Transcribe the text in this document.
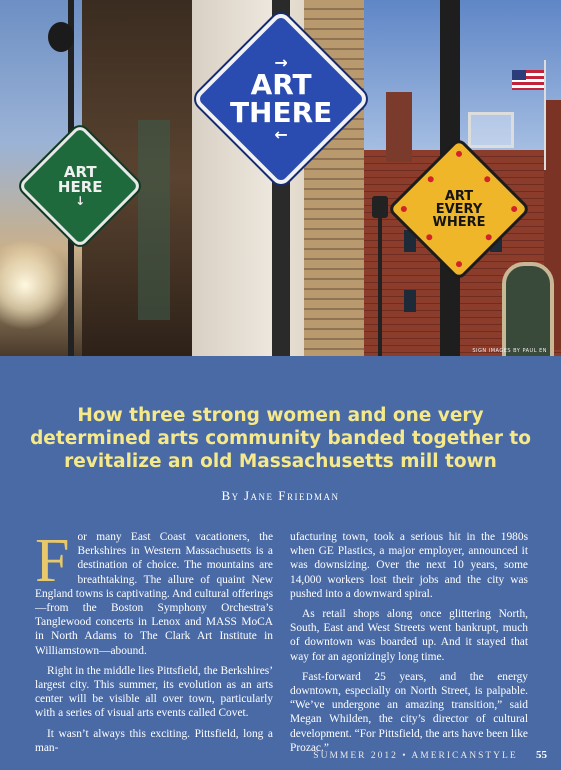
ART
HERE
↓
→
ART
THERE
←
ART
EVERY
WHERE
SIGN IMAGES BY PAUL EN
How three strong women and one very determined arts community banded together to revitalize an old Massachusetts mill town
By Jane Friedman

F or many East Coast vacationers, the Berkshires in Western Massachusetts is a destination of choice. The mountains are breathtaking. The allure of quaint New England towns is captivating. And cultural offerings—from the Boston Symphony Orchestra’s Tanglewood concerts in Lenox and MASS MoCA in North Adams to The Clark Art Institute in Williamstown—abound.

Right in the middle lies Pittsfield, the Berkshires’ largest city. This summer, its evolution as an arts center will be visible all over town, particularly with a series of visual arts events called Covet.

It wasn’t always this exciting. Pittsfield, long a man-

ufacturing town, took a serious hit in the 1980s when GE Plastics, a major employer, announced it was downsizing. Over the next 10 years, some 14,000 workers lost their jobs and the city was pushed into a downward spiral.

As retail shops along once glittering North, South, East and West Streets went bankrupt, much of downtown was boarded up. And it stayed that way for an agonizingly long time.

Fast-forward 25 years, and the energy downtown, especially on North Street, is palpable. “We’ve undergone an amazing transition,” said Megan Whilden, the city’s director of cultural development. “For Pittsfield, the arts have been like Prozac.”

SUMMER 2012 • AMERICANSTYLE 55
